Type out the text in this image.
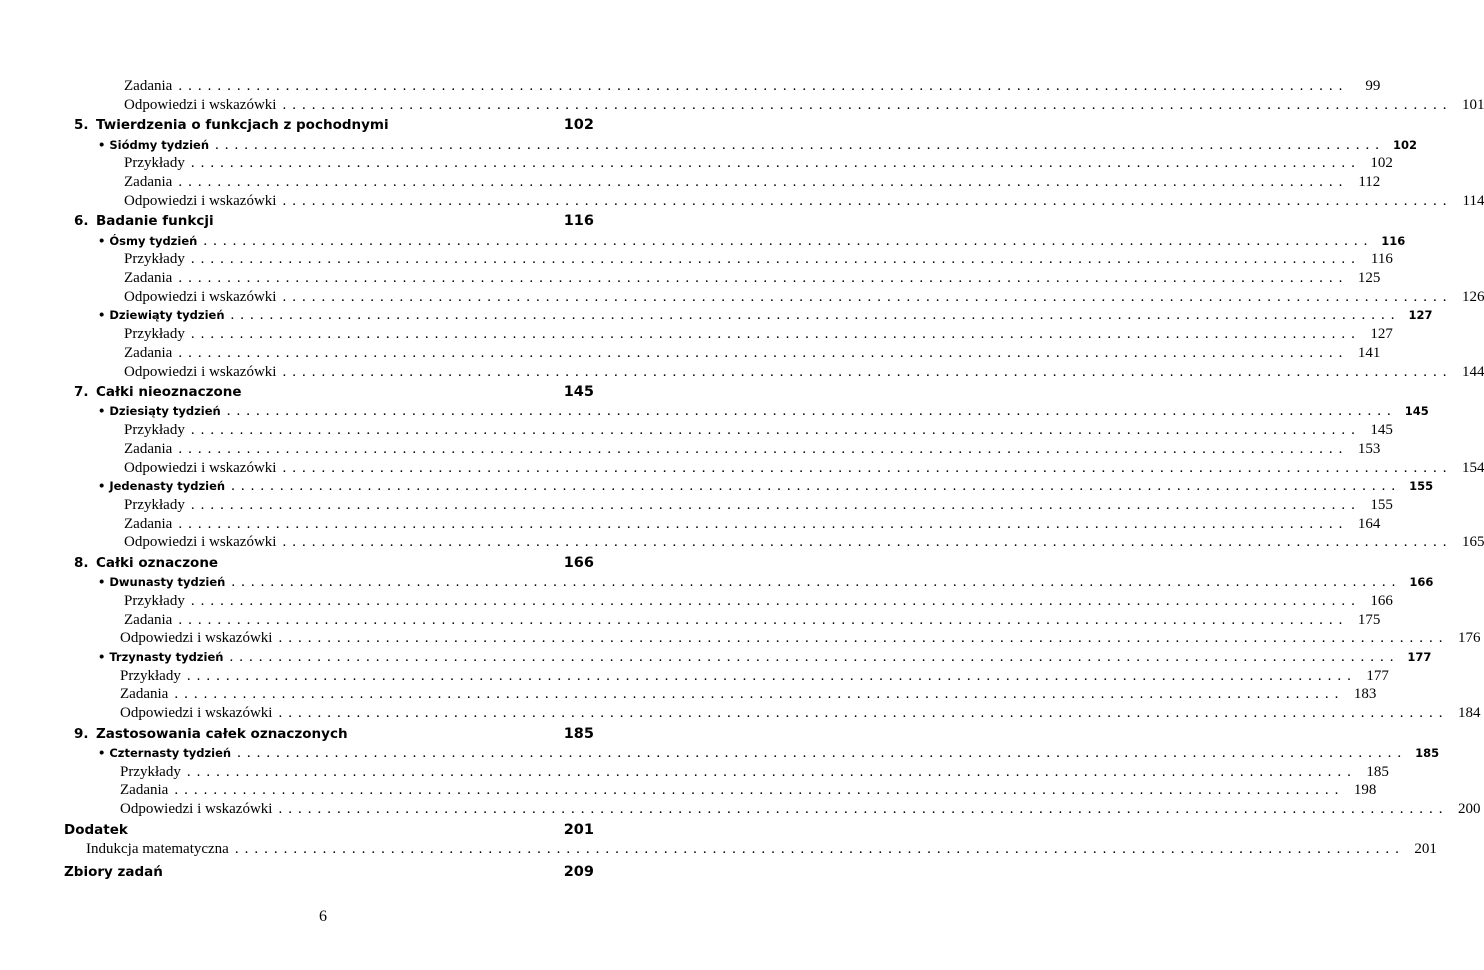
Zadania ........................................................................................................................	99
Odpowiedzi i wskazówki ........................................................................................................................ 101
5. Twierdzenia o funkcjach z pochodnymi	102
• Siódmy tydzień ........................................................................................................................ 102
Przykłady ........................................................................................................................ 102
Zadania ........................................................................................................................ 112
Odpowiedzi i wskazówki ........................................................................................................................ 114
6. Badanie funkcji	116
• Ósmy tydzień ........................................................................................................................ 116
Przykłady ........................................................................................................................ 116
Zadania ........................................................................................................................ 125
Odpowiedzi i wskazówki ........................................................................................................................ 126
• Dziewiąty tydzień ........................................................................................................................ 127
Przykłady ........................................................................................................................ 127
Zadania ........................................................................................................................ 141
Odpowiedzi i wskazówki ........................................................................................................................ 144
7. Całki nieoznaczone	145
• Dziesiąty tydzień ........................................................................................................................ 145
Przykłady ........................................................................................................................ 145
Zadania ........................................................................................................................ 153
Odpowiedzi i wskazówki ........................................................................................................................ 154
• Jedenasty tydzień ........................................................................................................................ 155
Przykłady ........................................................................................................................ 155
Zadania ........................................................................................................................ 164
Odpowiedzi i wskazówki ........................................................................................................................ 165
8. Całki oznaczone	166
• Dwunasty tydzień ........................................................................................................................ 166
Przykłady ........................................................................................................................ 166
Zadania ........................................................................................................................ 175
Odpowiedzi i wskazówki ........................................................................................................................ 176
• Trzynasty tydzień ........................................................................................................................ 177
Przykłady ........................................................................................................................ 177
Zadania ........................................................................................................................ 183
Odpowiedzi i wskazówki ........................................................................................................................ 184
9. Zastosowania całek oznaczonych	185
• Czternasty tydzień ........................................................................................................................ 185
Przykłady ........................................................................................................................ 185
Zadania ........................................................................................................................ 198
Odpowiedzi i wskazówki ........................................................................................................................ 200
Dodatek	201
Indukcja matematyczna ........................................................................................................................ 201
Zbiory zadań	209
6
